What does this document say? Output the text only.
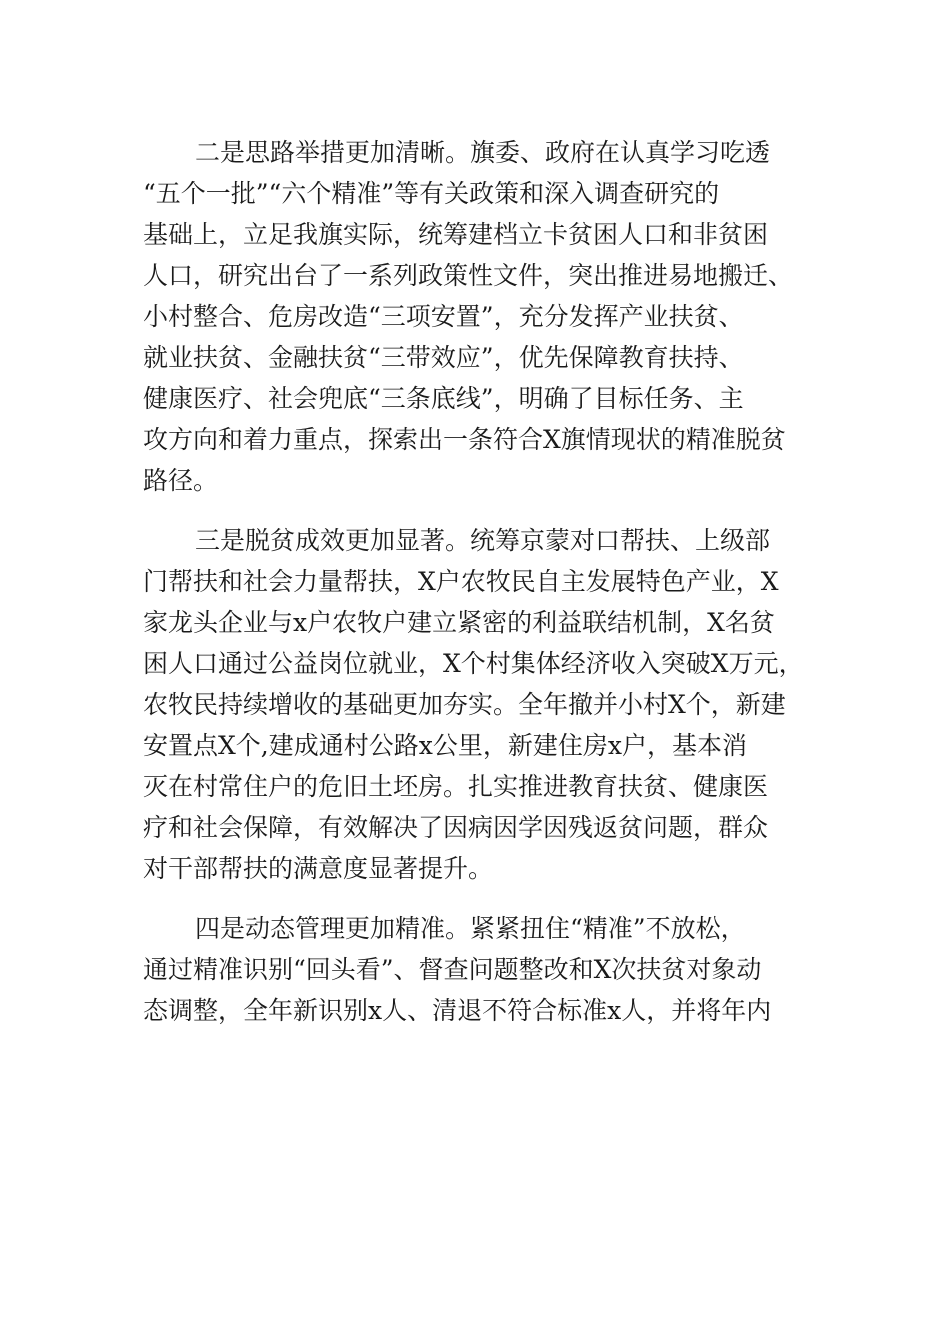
二是思路举措更加清晰。旗委、政府在认真学习吃透
“五个一批”“六个精准”等有关政策和深入调查研究的
基础上，立足我旗实际，统筹建档立卡贫困人口和非贫困
人口，研究出台了一系列政策性文件，突出推进易地搬迁、
小村整合、危房改造“三项安置”，充分发挥产业扶贫、
就业扶贫、金融扶贫“三带效应”，优先保障教育扶持、
健康医疗、社会兜底“三条底线”，明确了目标任务、主
攻方向和着力重点，探索出一条符合X旗情现状的精准脱贫
路径。
三是脱贫成效更加显著。统筹京蒙对口帮扶、上级部
门帮扶和社会力量帮扶，X户农牧民自主发展特色产业，X
家龙头企业与x户农牧户建立紧密的利益联结机制，X名贫
困人口通过公益岗位就业，X个村集体经济收入突破X万元，
农牧民持续增收的基础更加夯实。全年撤并小村X个，新建
安置点X个,建成通村公路x公里，新建住房x户，基本消
灭在村常住户的危旧土坯房。扎实推进教育扶贫、健康医
疗和社会保障，有效解决了因病因学因残返贫问题，群众
对干部帮扶的满意度显著提升。
四是动态管理更加精准。紧紧扭住“精准”不放松，
通过精准识别“回头看”、督查问题整改和X次扶贫对象动
态调整，全年新识别x人、清退不符合标准x人，并将年内
